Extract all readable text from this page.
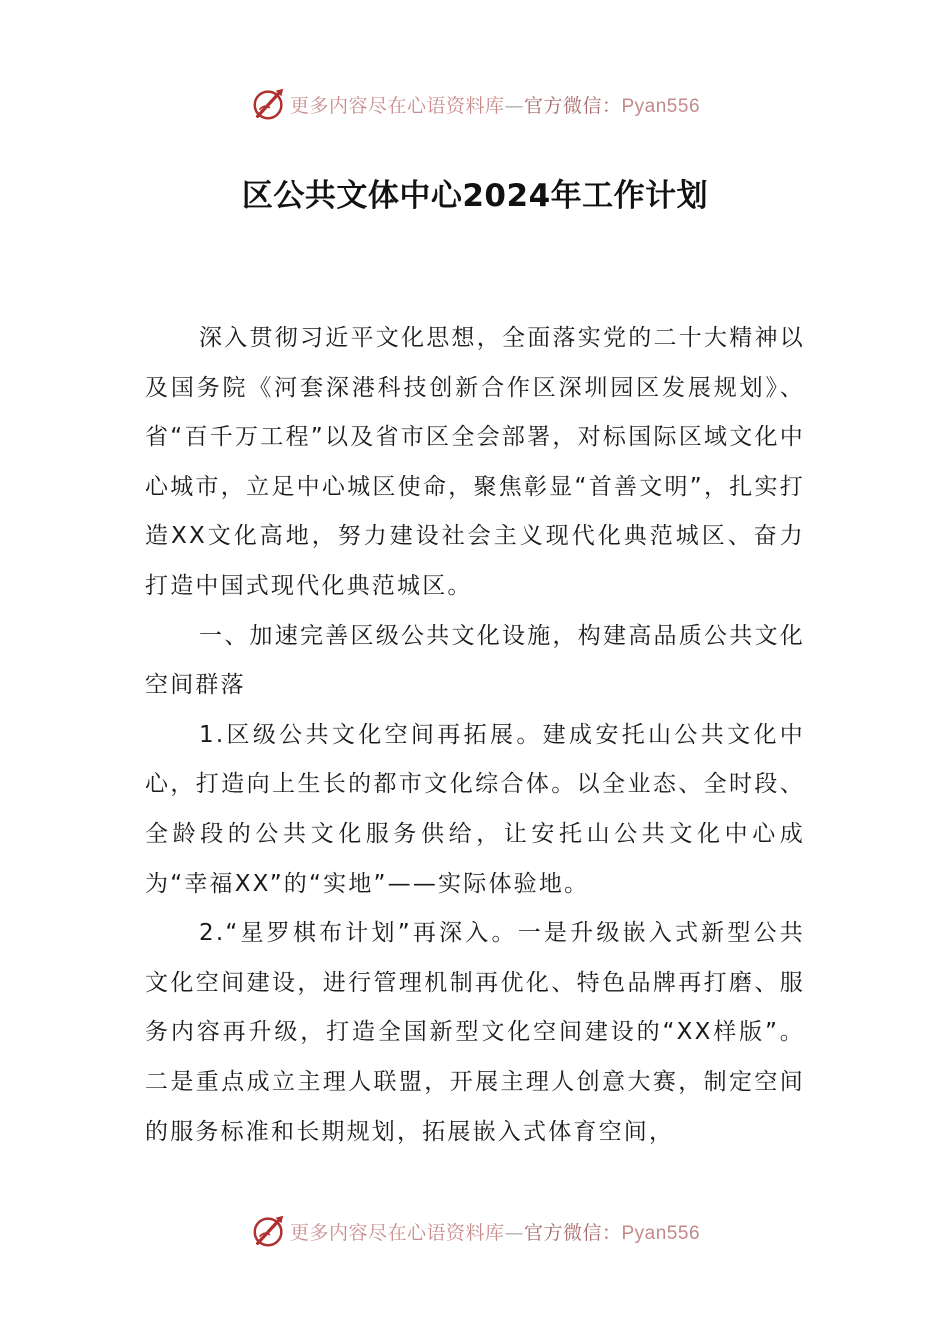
更多内容尽在心语资料库—官方微信：Pyan556
区公共文体中心2024年工作计划

深入贯彻习近平文化思想，全面落实党的二十大精神以及国务院《河套深港科技创新合作区深圳园区发展规划》、省“百千万工程”以及省市区全会部署，对标国际区域文化中心城市，立足中心城区使命，聚焦彰显“首善文明”，扎实打造XX文化高地，努力建设社会主义现代化典范城区、奋力打造中国式现代化典范城区。

一、加速完善区级公共文化设施，构建高品质公共文化空间群落

1.区级公共文化空间再拓展。建成安托山公共文化中心，打造向上生长的都市文化综合体。以全业态、全时段、全龄段的公共文化服务供给，让安托山公共文化中心成为“幸福XX”的“实地”——实际体验地。

2.“星罗棋布计划”再深入。一是升级嵌入式新型公共文化空间建设，进行管理机制再优化、特色品牌再打磨、服务内容再升级，打造全国新型文化空间建设的“XX样版”。二是重点成立主理人联盟，开展主理人创意大赛，制定空间的服务标准和长期规划，拓展嵌入式体育空间，

更多内容尽在心语资料库—官方微信：Pyan556
